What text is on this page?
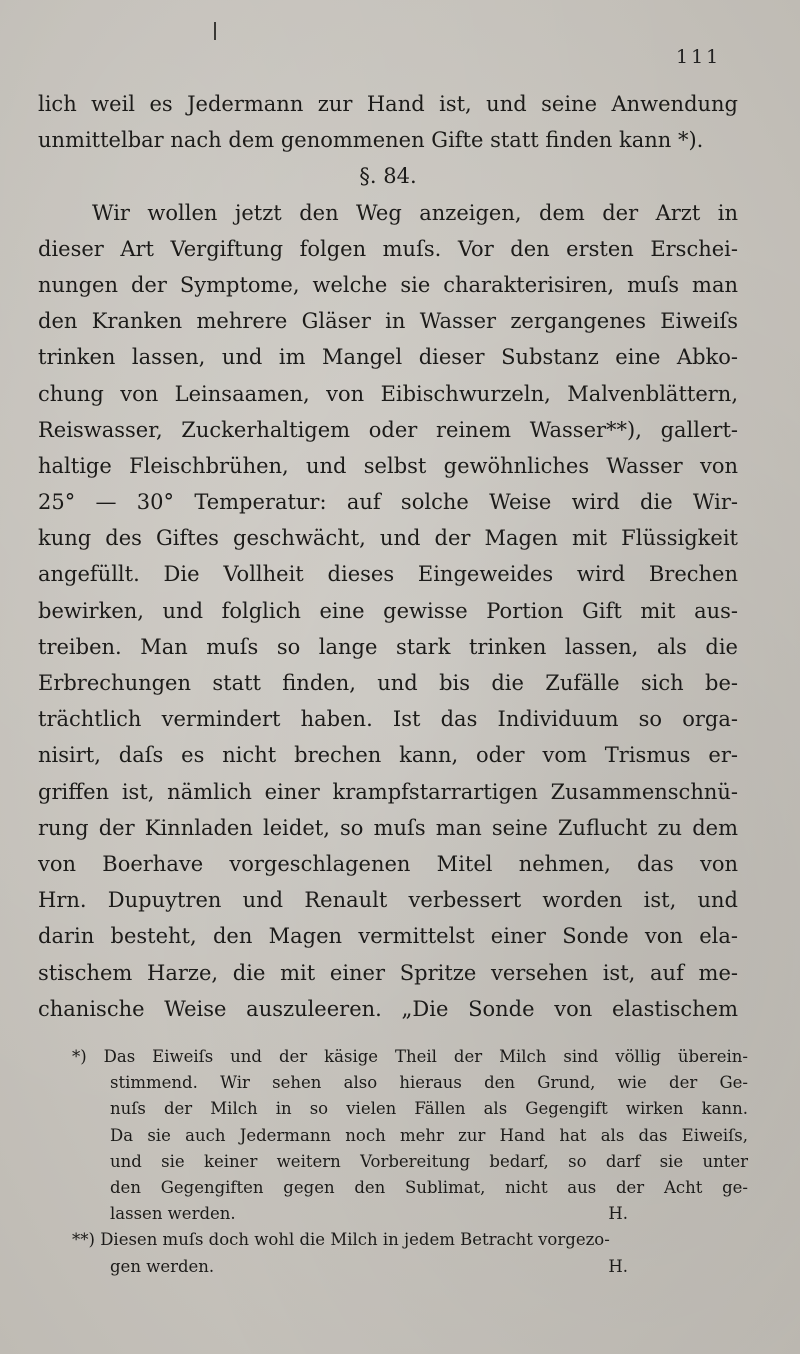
111
lich weil es Jedermann zur Hand ist, und seine Anwendung
unmittelbar nach dem genommenen Gifte statt finden kann *).
§. 84.
Wir wollen jetzt den Weg anzeigen, dem der Arzt in
dieser Art Vergiftung folgen muſs. Vor den ersten Erschei-
nungen der Symptome, welche sie charakterisiren, muſs man
den Kranken mehrere Gläser in Wasser zergangenes Eiweiſs
trinken lassen, und im Mangel dieser Substanz eine Abko-
chung von Leinsaamen, von Eibischwurzeln, Malvenblättern,
Reiswasser, Zuckerhaltigem oder reinem Wasser**), gallert-
haltige Fleischbrühen, und selbst gewöhnliches Wasser von
25° — 30° Temperatur: auf solche Weise wird die Wir-
kung des Giftes geschwächt, und der Magen mit Flüssigkeit
angefüllt. Die Vollheit dieses Eingeweides wird Brechen
bewirken, und folglich eine gewisse Portion Gift mit aus-
treiben. Man muſs so lange stark trinken lassen, als die
Erbrechungen statt finden, und bis die Zufälle sich be-
trächtlich vermindert haben. Ist das Individuum so orga-
nisirt, daſs es nicht brechen kann, oder vom Trismus er-
griffen ist, nämlich einer krampfstarrartigen Zusammenschnü-
rung der Kinnladen leidet, so muſs man seine Zuflucht zu dem
von Boerhave vorgeschlagenen Mitel nehmen, das von
Hrn. Dupuytren und Renault verbessert worden ist, und
darin besteht, den Magen vermittelst einer Sonde von ela-
stischem Harze, die mit einer Spritze versehen ist, auf me-
chanische Weise auszuleeren. „Die Sonde von elastischem
*) Das Eiweiſs und der käsige Theil der Milch sind völlig überein-
stimmend. Wir sehen also hieraus den Grund, wie der Ge-
nuſs der Milch in so vielen Fällen als Gegengift wirken kann.
Da sie auch Jedermann noch mehr zur Hand hat als das Eiweiſs,
und sie keiner weitern Vorbereitung bedarf, so darf sie unter
den Gegengiften gegen den Sublimat, nicht aus der Acht ge-
lassen werden.	H.
**) Diesen muſs doch wohl die Milch in jedem Betracht vorgezo-
gen werden.	H.
